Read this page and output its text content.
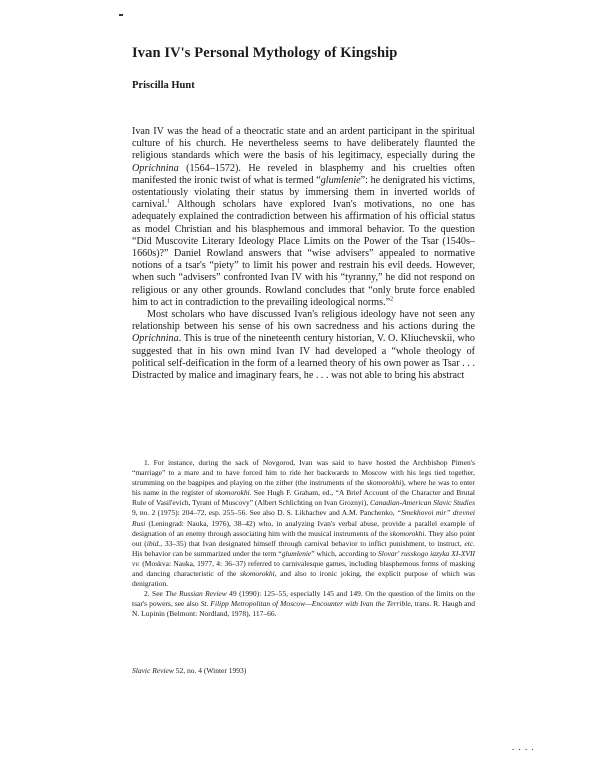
Ivan IV's Personal Mythology of Kingship

Priscilla Hunt

Ivan IV was the head of a theocratic state and an ardent participant in the spiritual culture of his church. He nevertheless seems to have deliberately flaunted the religious standards which were the basis of his legitimacy, especially during the Oprichnina (1564–1572). He reveled in blasphemy and his cruelties often manifested the ironic twist of what is termed “glumlenie”: he denigrated his victims, ostentatiously violating their status by immersing them in inverted worlds of carnival.$^1$ Although scholars have explored Ivan's motivations, no one has adequately explained the contradiction between his affirmation of his official status as model Christian and his blasphemous and immoral behavior. To the question “Did Muscovite Literary Ideology Place Limits on the Power of the Tsar (1540s–1660s)?” Daniel Rowland answers that “wise advisers” appealed to normative notions of a tsar's “piety” to limit his power and restrain his evil deeds. However, when such “advisers” confronted Ivan IV with his “tyranny,” he did not respond on religious or any other grounds. Rowland concludes that “only brute force enabled him to act in contradiction to the prevailing ideological norms.”$^2$

Most scholars who have discussed Ivan's religious ideology have not seen any relationship between his sense of his own sacredness and his actions during the Oprichnina. This is true of the nineteenth century historian, V. O. Kliuchevskii, who suggested that in his own mind Ivan IV had developed a “whole theology of political self-deification in the form of a learned theory of his own power as Tsar . . . Distracted by malice and imaginary fears, he . . . was not able to bring his abstract

1. For instance, during the sack of Novgorod, Ivan was said to have hosted the Archbishop Pimen's “marriage” to a mare and to have forced him to ride her backwards to Moscow with his legs tied together, strumming on the bagpipes and playing on the zither (the instruments of the skomorokhi), where he was to enter his name in the register of skomorokhi. See Hugh F. Graham, ed., “A Brief Account of the Character and Brutal Rule of Vasil'evich, Tyrant of Muscovy” (Albert Schlichting on Ivan Groznyi), Canadian-American Slavic Studies 9, no. 2 (1975): 204–72, esp. 255–56. See also D. S. Likhachev and A.M. Panchenko, “Smekhovoi mir” drevnei Rusi (Leningrad: Nauka, 1976), 38–42) who, in analyzing Ivan's verbal abuse, provide a parallel example of designation of an enemy through associating him with the musical instruments of the skomorokhi. They also point out (ibid., 33–35) that Ivan designated himself through carnival behavior to inflict punishment, to instruct, etc. His behavior can be summarized under the term “glumlenie” which, according to Slovar' russkogo iazyka XI-XVII vv. (Moskva: Nauka, 1977, 4: 36–37) referred to carnivalesque games, including blasphemous forms of masking and dancing characteristic of the skomorokhi, and also to ironic joking, the explicit purpose of which was denigration.

2. See The Russian Review 49 (1990): 125–55, especially 145 and 149. On the question of the limits on the tsar's powers, see also St. Filipp Metropolitan of Moscow—Encounter with Ivan the Terrible, trans. R. Haugh and N. Lupinin (Belmont: Nordland, 1978), 117–66.

Slavic Review 52, no. 4 (Winter 1993)

. . . .
